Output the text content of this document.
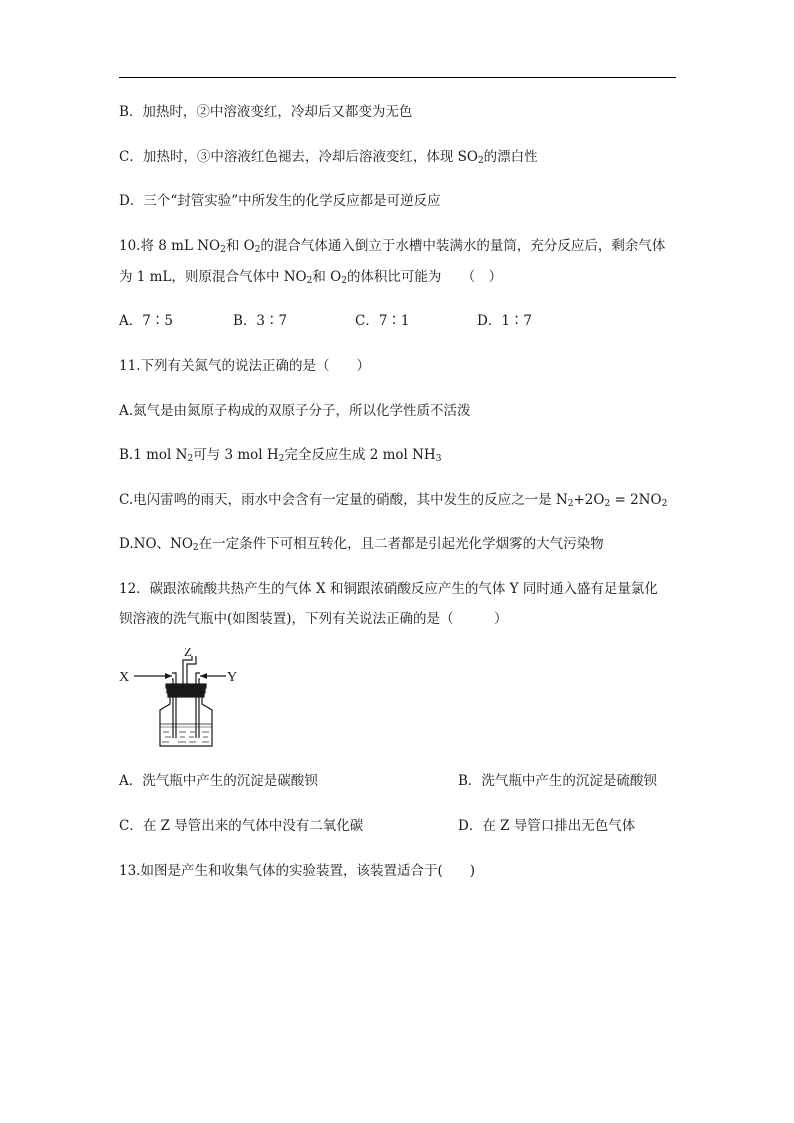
B．加热时，②中溶液变红，冷却后又都变为无色
C．加热时，③中溶液红色褪去，冷却后溶液变红，体现 $SO_2$的漂白性
D．三个“封管实验”中所发生的化学反应都是可逆反应
10.将 8 mL $NO_2$和 $O_2$的混合气体通入倒立于水槽中装满水的量筒，充分反应后，剩余气体
为 1 mL，则原混合气体中 $NO_2$和 $O_2$的体积比可能为　　（　）
A．7∶5	B．3∶7	C．7∶1	D．1∶7
11.下列有关氮气的说法正确的是（　　）
A.氮气是由氮原子构成的双原子分子，所以化学性质不活泼
B.1 mol $N_2$可与 3 mol $H_2$完全反应生成 2 mol $NH_3$
C.电闪雷鸣的雨天，雨水中会含有一定量的硝酸，其中发生的反应之一是 $N_2+2O_2 = 2NO_2$
D.NO、$NO_2$在一定条件下可相互转化，且二者都是引起光化学烟雾的大气污染物
12．碳跟浓硫酸共热产生的气体 X 和铜跟浓硝酸反应产生的气体 Y 同时通入盛有足量氯化
钡溶液的洗气瓶中(如图装置)，下列有关说法正确的是（　　　）
X	Y
Z
A．洗气瓶中产生的沉淀是碳酸钡	B．洗气瓶中产生的沉淀是硫酸钡
C．在 Z 导管出来的气体中没有二氧化碳	D．在 Z 导管口排出无色气体
13.如图是产生和收集气体的实验装置，该装置适合于(　　)
